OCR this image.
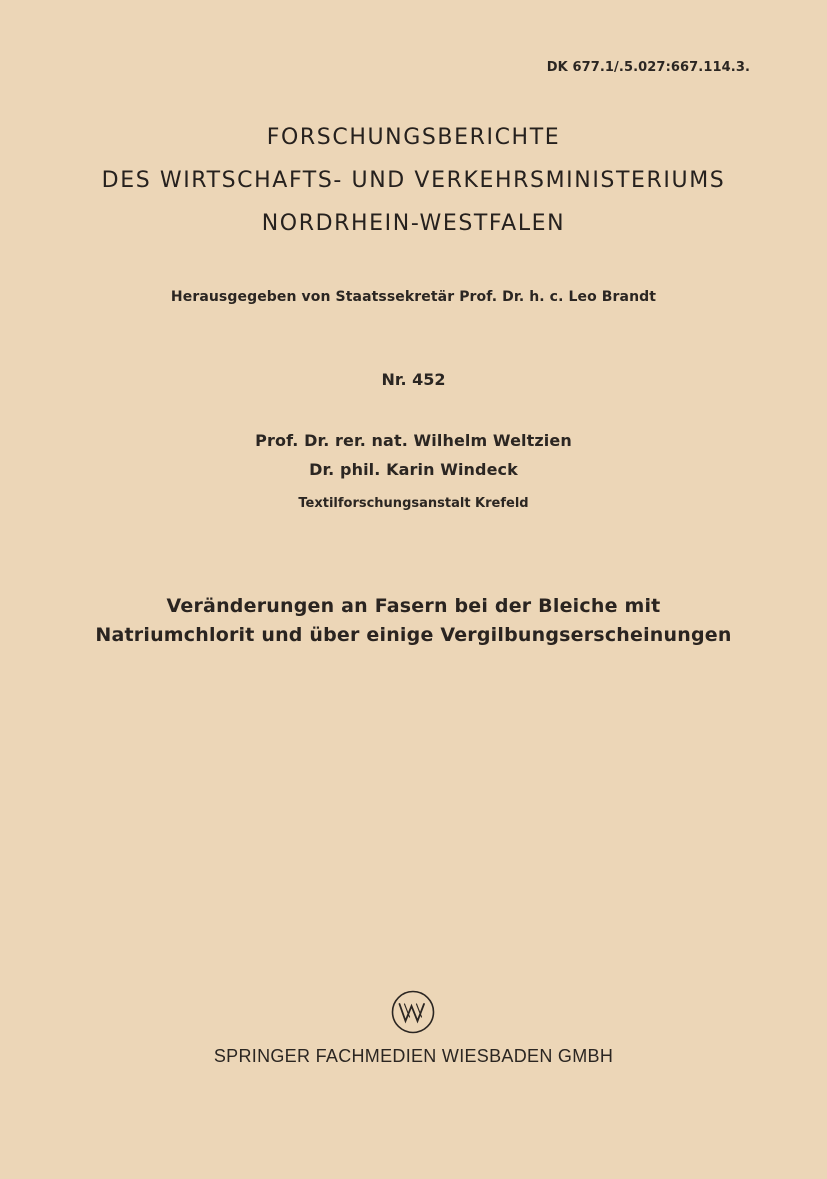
DK 677.1/.5.027:667.114.3.
FORSCHUNGSBERICHTE
DES WIRTSCHAFTS- UND VERKEHRSMINISTERIUMS
NORDRHEIN-WESTFALEN
Herausgegeben von Staatssekretär Prof. Dr. h. c. Leo Brandt
Nr. 452
Prof. Dr. rer. nat. Wilhelm Weltzien
Dr. phil. Karin Windeck
Textilforschungsanstalt Krefeld
Veränderungen an Fasern bei der Bleiche mit
Natriumchlorit und über einige Vergilbungserscheinungen
SPRINGER FACHMEDIEN WIESBADEN GMBH
